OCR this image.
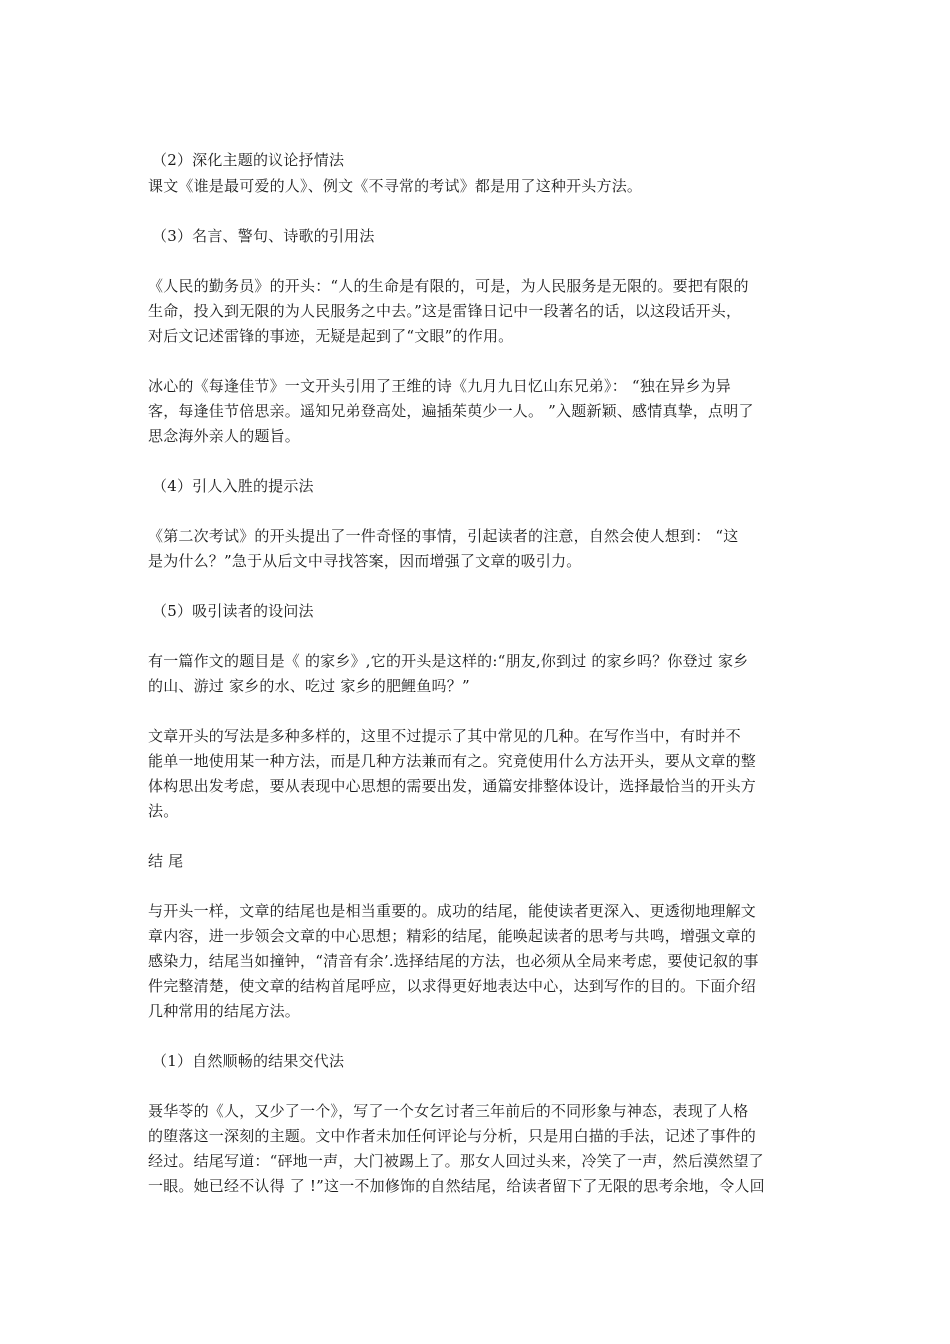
（2）深化主题的议论抒情法
课文《谁是最可爱的人》、例文《不寻常的考试》都是用了这种开头方法。
（3）名言、警句、诗歌的引用法
《人民的勤务员》的开头：“人的生命是有限的，可是，为人民服务是无限的。要把有限的
生命，投入到无限的为人民服务之中去。”这是雷锋日记中一段著名的话，以这段话开头，
对后文记述雷锋的事迹，无疑是起到了“文眼”的作用。
冰心的《每逢佳节》一文开头引用了王维的诗《九月九日忆山东兄弟》： “独在异乡为异
客，每逢佳节倍思亲。遥知兄弟登高处，遍插茱萸少一人。 ”入题新颖、感情真挚，点明了
思念海外亲人的题旨。
（4）引人入胜的提示法
《第二次考试》的开头提出了一件奇怪的事情，引起读者的注意，自然会使人想到： “这
是为什么？”急于从后文中寻找答案，因而增强了文章的吸引力。
（5）吸引读者的设问法
有一篇作文的题目是《 的家乡》,它的开头是这样的:“朋友,你到过 的家乡吗？你登过 家乡
的山、游过 家乡的水、吃过 家乡的肥鲤鱼吗？”
文章开头的写法是多种多样的，这里不过提示了其中常见的几种。在写作当中，有时并不
能单一地使用某一种方法，而是几种方法兼而有之。究竟使用什么方法开头，要从文章的整
体构思出发考虑，要从表现中心思想的需要出发，通篇安排整体设计，选择最恰当的开头方
法。
结 尾
与开头一样，文章的结尾也是相当重要的。成功的结尾，能使读者更深入、更透彻地理解文
章内容，进一步领会文章的中心思想；精彩的结尾，能唤起读者的思考与共鸣，增强文章的
感染力，结尾当如撞钟，“清音有余’.选择结尾的方法，也必须从全局来考虑，要使记叙的事
件完整清楚，使文章的结构首尾呼应，以求得更好地表达中心，达到写作的目的。下面介绍
几种常用的结尾方法。
（1）自然顺畅的结果交代法
聂华苓的《人，又少了一个》，写了一个女乞讨者三年前后的不同形象与神态，表现了人格
的堕落这一深刻的主题。文中作者未加任何评论与分析，只是用白描的手法，记述了事件的
经过。结尾写道：“砰地一声，大门被踢上了。那女人回过头来，冷笑了一声，然后漠然望了
一眼。她已经不认得 了 !”这一不加修饰的自然结尾，给读者留下了无限的思考余地，令人回
